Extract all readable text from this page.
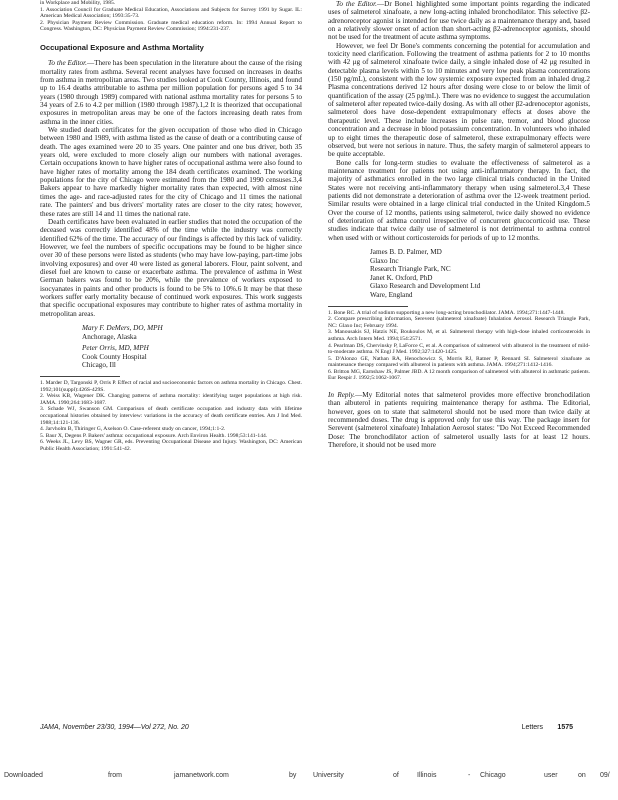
in Workplace and Mobility, 1985.

1. Association Council for Graduate Medical Education, Associations and Subjects for Survey 1991 by Sugar. IL: American Medical Association; 1993:35-73.

2. Physician Payment Review Commission. Graduate medical education reform. In: 1994 Annual Report to Congress. Washington, DC: Physician Payment Review Commission; 1994:231-237.

Occupational Exposure and Asthma Mortality

To the Editor.—There has been speculation in the literature about the cause of the rising mortality rates from asthma. Several recent analyses have focused on increases in deaths from asthma in metropolitan areas. Two studies looked at Cook County, Illinois, and found up to 16.4 deaths attributable to asthma per million population for persons aged 5 to 34 years (1980 through 1989) compared with national asthma mortality rates for persons 5 to 34 years of 2.6 to 4.2 per million (1980 through 1987).1,2 It is theorized that occupational exposures in metropolitan areas may be one of the factors increasing death rates from asthma in the inner cities.

We studied death certificates for the given occupation of those who died in Chicago between 1980 and 1989, with asthma listed as the cause of death or a contributing cause of death. The ages examined were 20 to 35 years. One painter and one bus driver, both 35 years old, were excluded to more closely align our numbers with national averages. Certain occupations known to have higher rates of occupational asthma were also found to have higher rates of mortality among the 184 death certificates examined. The working populations for the city of Chicago were estimated from the 1980 and 1990 censuses.3,4 Bakers appear to have markedly higher mortality rates than expected, with almost nine times the age- and race-adjusted rates for the city of Chicago and 11 times the national rate. The painters' and bus drivers' mortality rates are closer to the city rates; however, these rates are still 14 and 11 times the national rate.

Death certificates have been evaluated in earlier studies that noted the occupation of the deceased was correctly identified 48% of the time while the industry was correctly identified 62% of the time. The accuracy of our findings is affected by this lack of validity. However, we feel the numbers of specific occupations may be found to be higher since over 30 of these persons were listed as students (who may have low-paying, part-time jobs involving exposures) and over 40 were listed as general laborers. Flour, paint solvent, and diesel fuel are known to cause or exacerbate asthma. The prevalence of asthma in West German bakers was found to be 20%, while the prevalence of workers exposed to isocyanates in paints and other products is found to be 5% to 10%.6 It may be that these workers suffer early mortality because of continued work exposures. This work suggests that specific occupational exposures may contribute to higher rates of asthma mortality in metropolitan areas.

Mary F. DeMers, DO, MPH
Anchorage, Alaska
Peter Orris, MD, MPH
Cook County Hospital
Chicago, Ill

1. Marder D, Targonski P, Orris P. Effect of racial and socioeconomic factors on asthma mortality in Chicago. Chest. 1992;101(suppl):426S-429S.

2. Weiss KB, Wagener DK. Changing patterns of asthma mortality: identifying target populations at high risk. JAMA. 1990;264:1683-1687.

3. Schade WJ, Swanson GM. Comparison of death certificate occupation and industry data with lifetime occupational histories obtained by interview: variations in the accuracy of death certificate entries. Am J Ind Med. 1988;14:121-136.

4. Jarvholm B, Thiringer G, Axelson O. Case-referent study on cancer, 1994;1:1-2.

5. Baur X, Degens P. Bakers' asthma: occupational exposure. Arch Environ Health. 1998;53:141-144.

6. Weeks JL, Levy BS, Wagner GR, eds. Preventing Occupational Disease and Injury. Washington, DC: American Public Health Association; 1991:541-42.

To the Editor.—Dr Bone1 highlighted some important points regarding the indicated uses of salmeterol xinafoate, a new long-acting inhaled bronchodilator. This selective β2-adrenoreceptor agonist is intended for use twice daily as a maintenance therapy and, based on a relatively slower onset of action than short-acting β2-adrenoceptor agonists, should not be used for the treatment of acute asthma symptoms.

However, we feel Dr Bone's comments concerning the potential for accumulation and toxicity need clarification. Following the treatment of asthma patients for 2 to 10 months with 42 μg of salmeterol xinafoate twice daily, a single inhaled dose of 42 μg resulted in detectable plasma levels within 5 to 10 minutes and very low peak plasma concentrations (150 pg/mL), consistent with the low systemic exposure expected from an inhaled drug.2 Plasma concentrations derived 12 hours after dosing were close to or below the limit of quantification of the assay (25 pg/mL). There was no evidence to suggest the accumulation of salmeterol after repeated twice-daily dosing. As with all other β2-adrenoceptor agonists, salmeterol does have dose-dependent extrapulmonary effects at doses above the therapeutic level. These include increases in pulse rate, tremor, and blood glucose concentration and a decrease in blood potassium concentration. In volunteers who inhaled up to eight times the therapeutic dose of salmeterol, these extrapulmonary effects were observed, but were not serious in nature. Thus, the safety margin of salmeterol appears to be quite acceptable.

Bone calls for long-term studies to evaluate the effectiveness of salmeterol as a maintenance treatment for patients not using anti-inflammatory therapy. In fact, the majority of asthmatics enrolled in the two large clinical trials conducted in the United States were not receiving anti-inflammatory therapy when using salmeterol.3,4 These patients did not demonstrate a deterioration of asthma over the 12-week treatment period. Similar results were obtained in a large clinical trial conducted in the United Kingdom.5 Over the course of 12 months, patients using salmeterol, twice daily showed no evidence of deterioration of asthma control irrespective of concurrent glucocorticoid use. These studies indicate that twice daily use of salmeterol is not detrimental to asthma control when used with or without corticosteroids for periods of up to 12 months.

James B. D. Palmer, MD
Glaxo Inc
Research Triangle Park, NC
Janet K. Oxford, PhD
Glaxo Research and Development Ltd
Ware, England

1. Bone RC. A trial of sodium supporting a new long-acting bronchodilator. JAMA. 1994;271:1447-1448.

2. Compare prescribing information, Serevent (salmeterol xinafoate) Inhalation Aerosol. Research Triangle Park, NC: Glaxo Inc; February 1994.

3. Manousakis SJ, Hatzis NE, Boukoulos M, et al. Salmeterol therapy with high-dose inhaled corticosteroids in asthma. Arch Intern Med. 1994;154:2571.

4. Pearlman DS, Chervinsky P, LaForce C, et al. A comparison of salmeterol with albuterol in the treatment of mild-to-moderate asthma. N Engl J Med. 1992;327:1420-1425.

5. D'Alonzo GE, Nathan RA, Henochowicz S, Morris RJ, Ratner P, Rennard SI. Salmeterol xinafoate as maintenance therapy compared with albuterol in patients with asthma. JAMA. 1994;271:1412-1416.

6. Britton MG, Earnshaw JS, Palmer JBD. A 12 month comparison of salmeterol with albuterol in asthmatic patients. Eur Respir J. 1992;5:1062-1067.

In Reply.—My Editorial notes that salmeterol provides more effective bronchodilation than albuterol in patients requiring maintenance therapy for asthma. The Editorial, however, goes on to state that salmeterol should not be used more than twice daily at recommended doses. The drug is approved only for use this way. The package insert for Serevent (salmeterol xinafoate) Inhalation Aerosol states: "Do Not Exceed Recommended Dose: The bronchodilator action of salmeterol usually lasts for at least 12 hours. Therefore, it should not be used more

JAMA, November 23/30, 1994—Vol 272, No. 20	Letters 1575
Downloaded	from	jamanetwork.com	by University	of	Illinois	- Chicago	user	on 09/
